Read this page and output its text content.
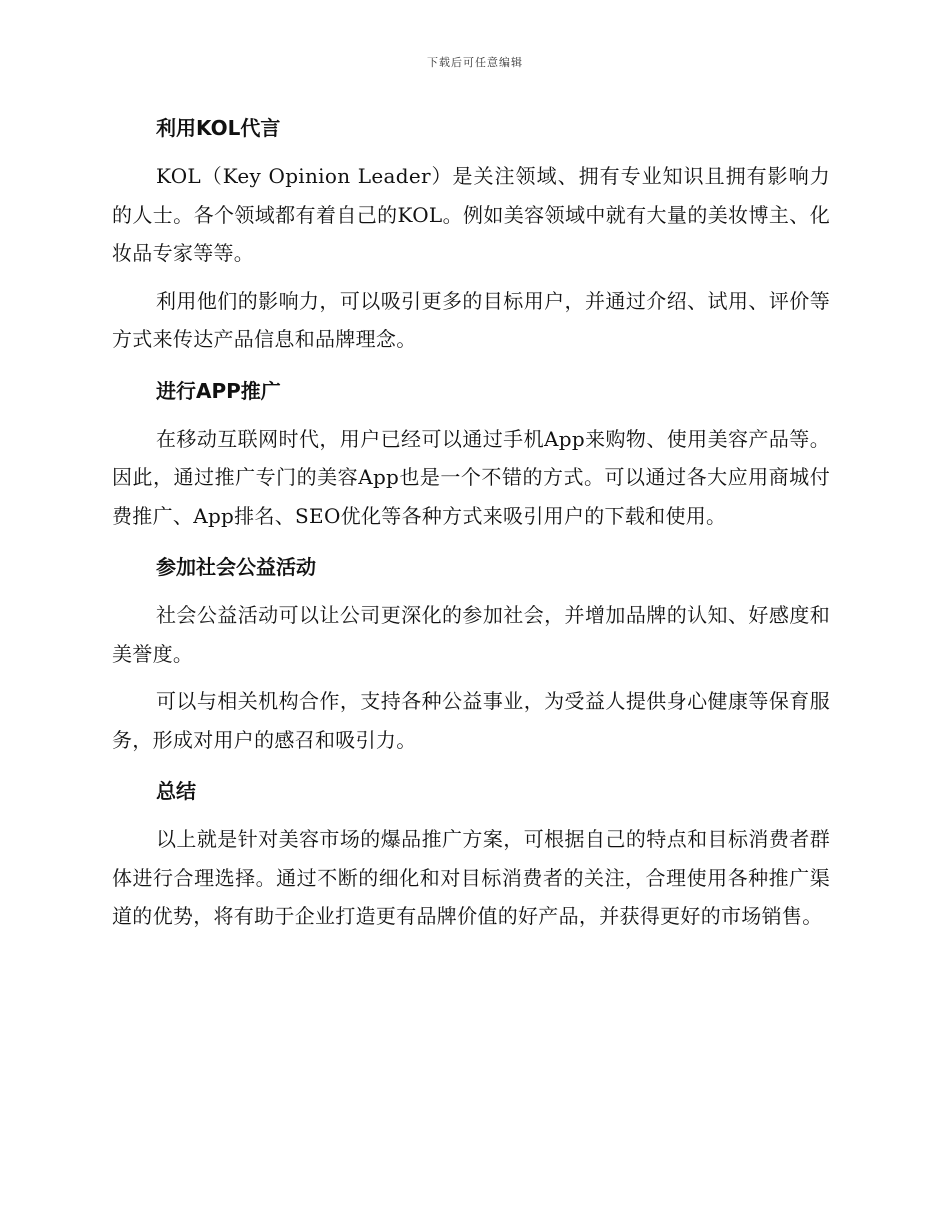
下载后可任意编辑
利用KOL代言

KOL（Key Opinion Leader）是关注领域、拥有专业知识且拥有影响力的人士。各个领域都有着自己的KOL。例如美容领域中就有大量的美妆博主、化妆品专家等等。

利用他们的影响力，可以吸引更多的目标用户，并通过介绍、试用、评价等方式来传达产品信息和品牌理念。

进行APP推广

在移动互联网时代，用户已经可以通过手机App来购物、使用美容产品等。因此，通过推广专门的美容App也是一个不错的方式。可以通过各大应用商城付费推广、App排名、SEO优化等各种方式来吸引用户的下载和使用。

参加社会公益活动

社会公益活动可以让公司更深化的参加社会，并增加品牌的认知、好感度和美誉度。

可以与相关机构合作，支持各种公益事业，为受益人提供身心健康等保育服务，形成对用户的感召和吸引力。

总结

以上就是针对美容市场的爆品推广方案，可根据自己的特点和目标消费者群体进行合理选择。通过不断的细化和对目标消费者的关注，合理使用各种推广渠道的优势，将有助于企业打造更有品牌价值的好产品，并获得更好的市场销售。
